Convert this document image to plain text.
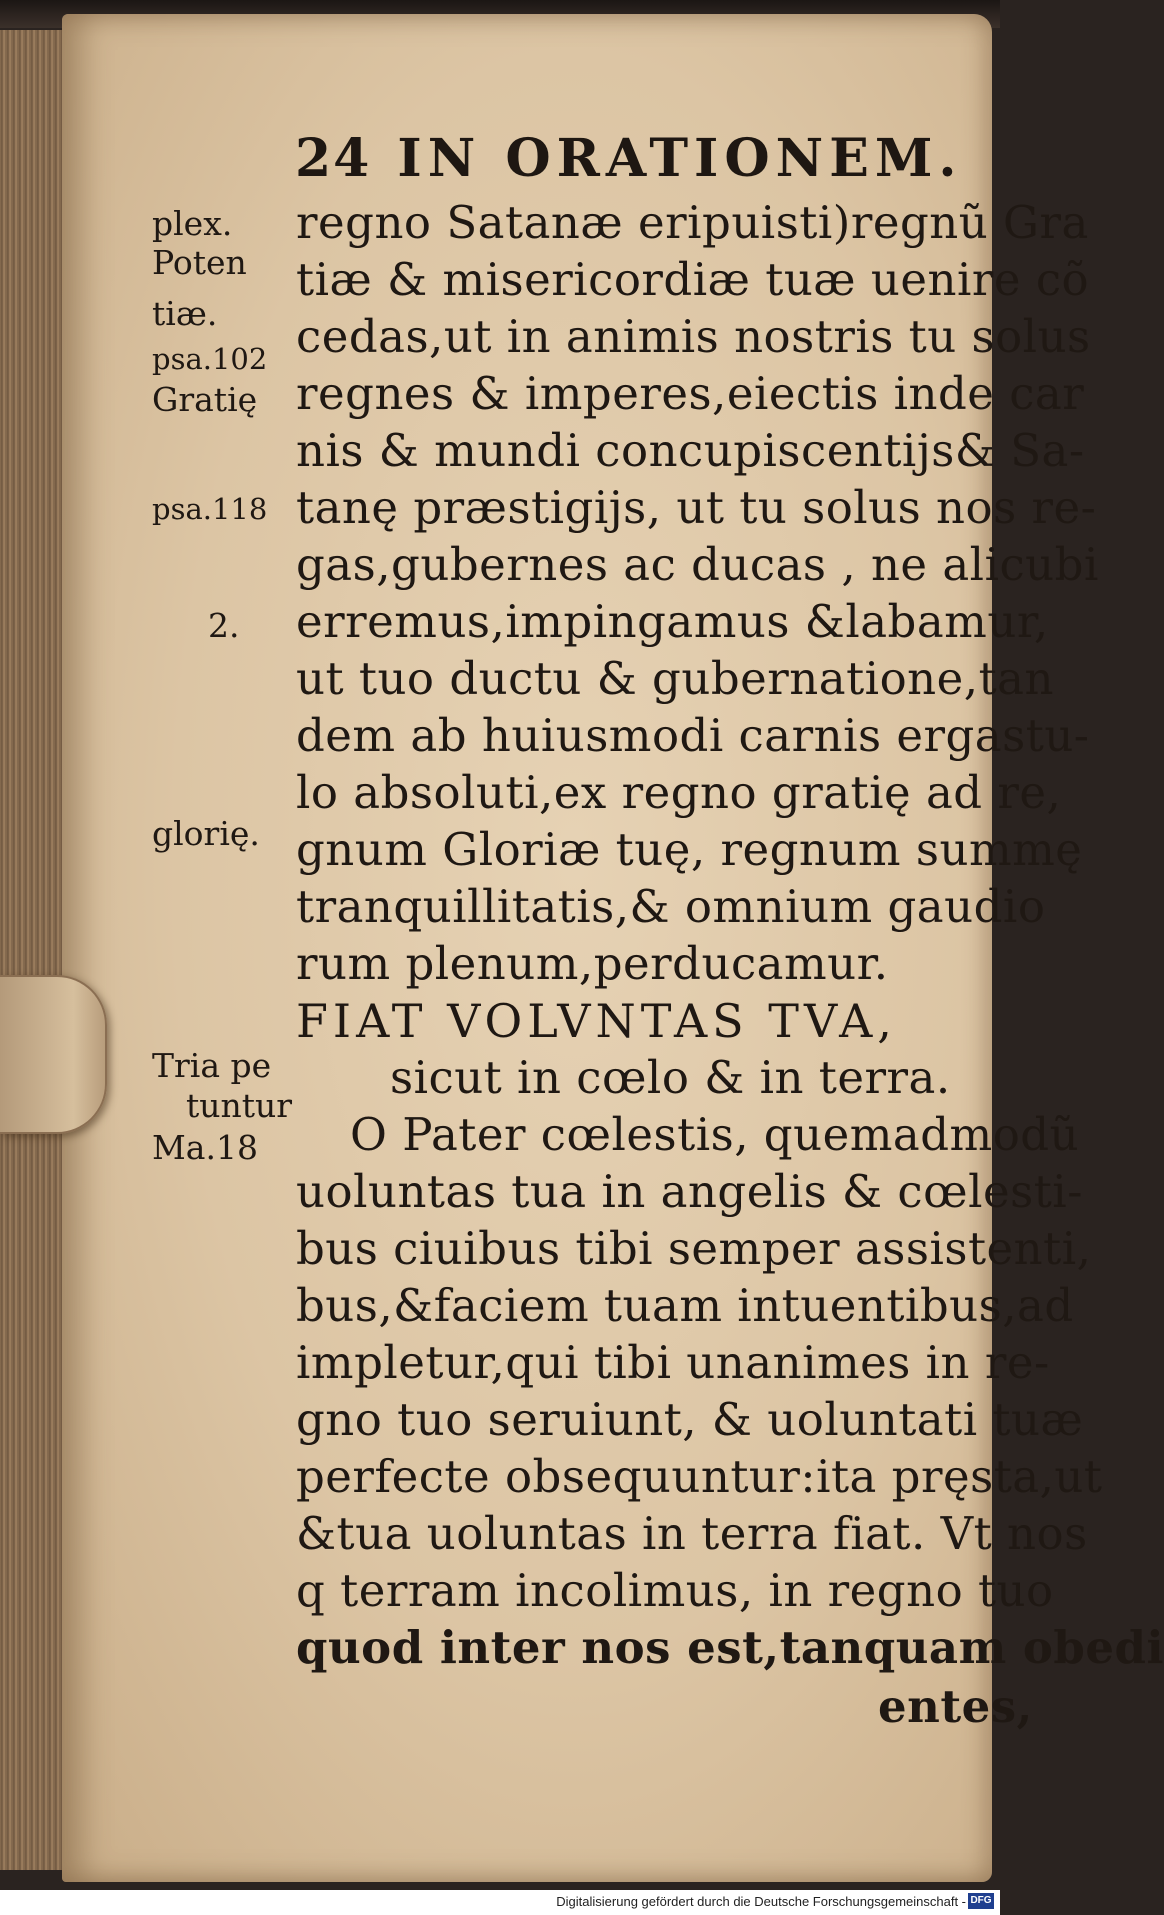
24 IN ORATIONEM.
regno Satanæ eripuisti)regnũ Gra
tiæ & misericordiæ tuæ uenire cõ
cedas,ut in animis nostris tu solus
regnes & imperes,eiectis inde car
nis & mundi concupiscentijs& Sa-
tanę præstigijs, ut tu solus nos re-
gas,gubernes ac ducas , ne alicubi
erremus,impingamus &labamur,
ut tuo ductu & gubernatione,tan
dem ab huiusmodi carnis ergastu-
lo absoluti,ex regno gratię ad re,
gnum Gloriæ tuę, regnum summę
tranquillitatis,& omnium gaudio
rum plenum,perducamur.
FIAT VOLVNTAS TVA,
sicut in cœlo & in terra.
O Pater cœlestis, quemadmodũ
uoluntas tua in angelis & cœlesti-
bus ciuibus tibi semper assistenti,
bus,&faciem tuam intuentibus,ad
impletur,qui tibi unanimes in re-
gno tuo seruiunt, & uoluntati tuæ
perfecte obsequuntur:ita pręsta,ut
&tua uoluntas in terra fiat. Vt nos
q terram incolimus, in regno tuo
quod inter nos est,tanquam obedi
entes,
plex.
Poten
tiæ.
psa.102
Gratię
psa.118
2.
glorię.
Tria pe
tuntur
Ma.18
Digitalisierung gefördert durch die Deutsche Forschungsgemeinschaft - DFG
